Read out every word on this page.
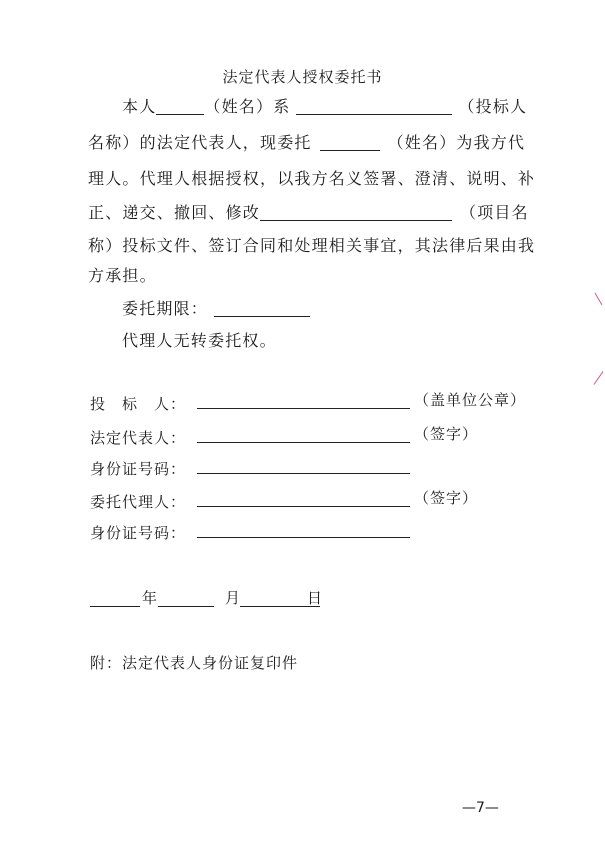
法定代表人授权委托书
本人	（姓名）系	（投标人
名称）的法定代表人，现委托	（姓名）为我方代
理人。代理人根据授权，以我方名义签署、澄清、说明、补
正、递交、撤回、修改	（项目名
称）投标文件、签订合同和处理相关事宜，其法律后果由我
方承担。
委托期限：
代理人无转委托权。
投　标　人：	（盖单位公章）
法定代表人：	（签字）
身份证号码：
委托代理人：	（签字）
身份证号码：
年	月	日
附：法定代表人身份证复印件
—7—
